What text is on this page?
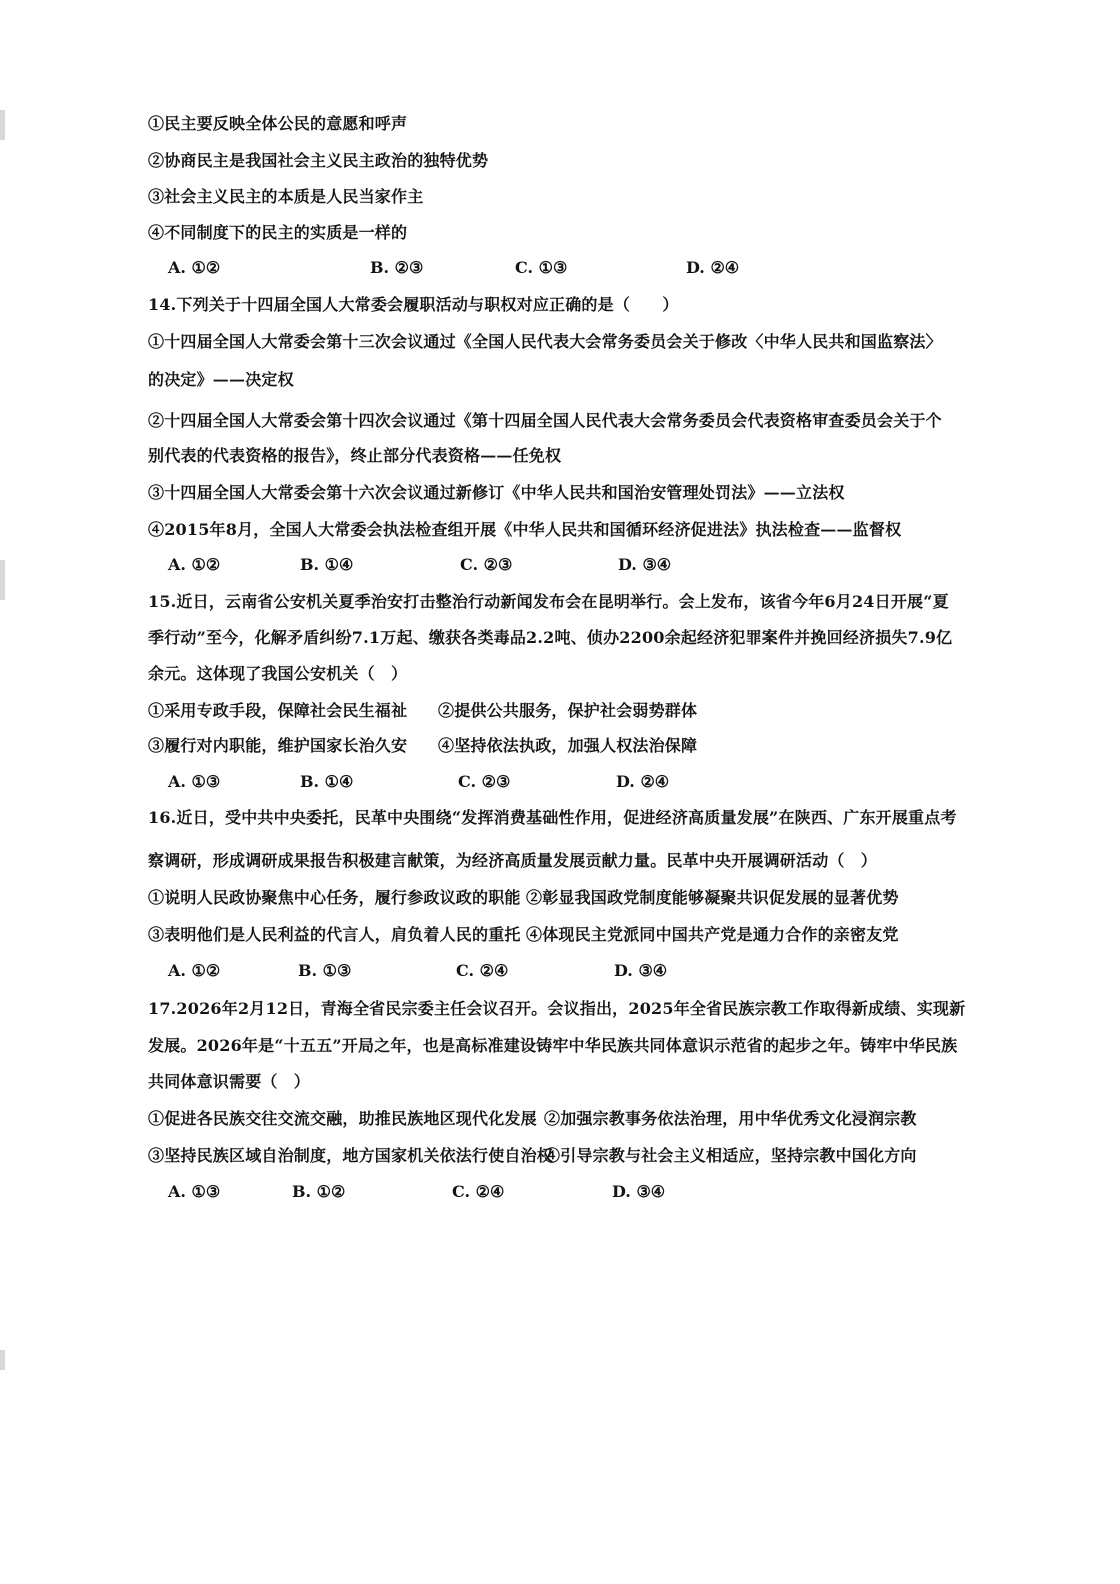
①民主要反映全体公民的意愿和呼声
②协商民主是我国社会主义民主政治的独特优势
③社会主义民主的本质是人民当家作主
④不同制度下的民主的实质是一样的
A. ①②	B. ②③	C. ①③	D. ②④
14.下列关于十四届全国人大常委会履职活动与职权对应正确的是（　　）
①十四届全国人大常委会第十三次会议通过《全国人民代表大会常务委员会关于修改〈中华人民共和国监察法〉
的决定》——决定权
②十四届全国人大常委会第十四次会议通过《第十四届全国人民代表大会常务委员会代表资格审查委员会关于个
别代表的代表资格的报告》，终止部分代表资格——任免权
③十四届全国人大常委会第十六次会议通过新修订《中华人民共和国治安管理处罚法》——立法权
④2015年8月，全国人大常委会执法检查组开展《中华人民共和国循环经济促进法》执法检查——监督权
A. ①②	B. ①④	C. ②③	D. ③④
15.近日，云南省公安机关夏季治安打击整治行动新闻发布会在昆明举行。会上发布，该省今年6月24日开展“夏
季行动”至今，化解矛盾纠纷7.1万起、缴获各类毒品2.2吨、侦办2200余起经济犯罪案件并挽回经济损失7.9亿
余元。这体现了我国公安机关（　）
①采用专政手段，保障社会民生福祉 ②提供公共服务，保护社会弱势群体
③履行对内职能，维护国家长治久安 ④坚持依法执政，加强人权法治保障
A. ①③	B. ①④	C. ②③	D. ②④
16.近日，受中共中央委托，民革中央围绕“发挥消费基础性作用，促进经济高质量发展”在陕西、广东开展重点考
察调研，形成调研成果报告积极建言献策，为经济高质量发展贡献力量。民革中央开展调研活动（　）
①说明人民政协聚焦中心任务，履行参政议政的职能 ②彰显我国政党制度能够凝聚共识促发展的显著优势
③表明他们是人民利益的代言人，肩负着人民的重托 ④体现民主党派同中国共产党是通力合作的亲密友党
A. ①②	B. ①③	C. ②④	D. ③④
17.2026年2月12日，青海全省民宗委主任会议召开。会议指出，2025年全省民族宗教工作取得新成绩、实现新
发展。2026年是“十五五”开局之年，也是高标准建设铸牢中华民族共同体意识示范省的起步之年。铸牢中华民族
共同体意识需要（　）
①促进各民族交往交流交融，助推民族地区现代化发展 ②加强宗教事务依法治理，用中华优秀文化浸润宗教
③坚持民族区域自治制度，地方国家机关依法行使自治权
④引导宗教与社会主义相适应，坚持宗教中国化方向
A. ①③	B. ①②	C. ②④	D. ③④
